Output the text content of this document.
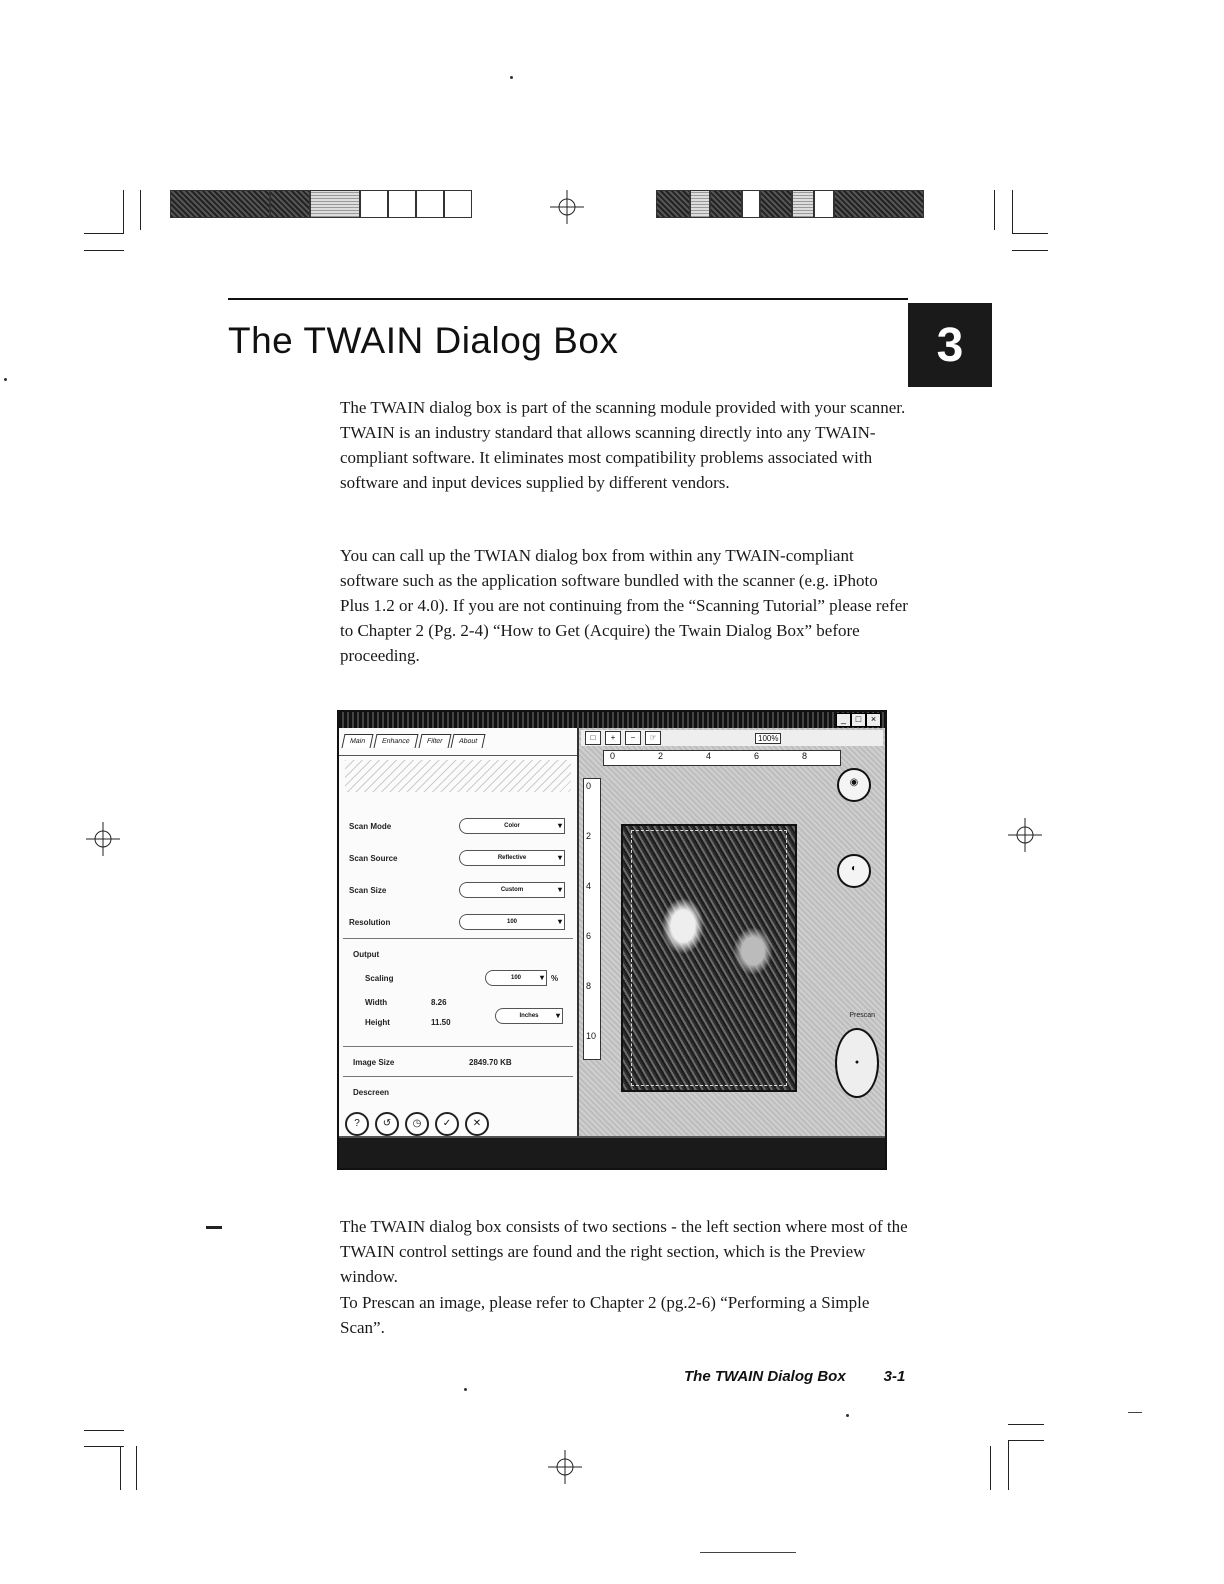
The TWAIN Dialog Box	3

The TWAIN dialog box is part of the scanning module provided with your scanner. TWAIN is an industry standard that allows scanning directly into any TWAIN-compliant software. It eliminates most compatibility problems associated with software and input devices supplied by different vendors.

You can call up the TWIAN dialog box from within any TWAIN-compliant software such as the application software bundled with the scanner (e.g. iPhoto Plus 1.2 or 4.0). If you are not continuing from the “Scanning Tutorial” please refer to Chapter 2 (Pg. 2-4) “How to Get (Acquire) the Twain Dialog Box” before proceeding.

_	□	×
Main	Enhance	Filter	About
Scan Mode	Color ▾
Scan Source	Reflective ▾
Scan Size	Custom ▾
Resolution	100 ▾
Output
Scaling	100 ▾	%
Width	8.26
Height	11.50
Inches ▾
Image Size	2849.70 KB
Descreen
?	↺	◷	✓	✕
□	+	−	☞	100%
0	2	4	6	8
0
2
4
6
8
10
◉
◐
Prescan
●

The TWAIN dialog box consists of two sections - the left section where most of the TWAIN control settings are found and the right section, which is the Preview window.

To Prescan an image, please refer to Chapter 2 (pg.2-6) “Performing a Simple Scan”.

The TWAIN Dialog Box	3-1
